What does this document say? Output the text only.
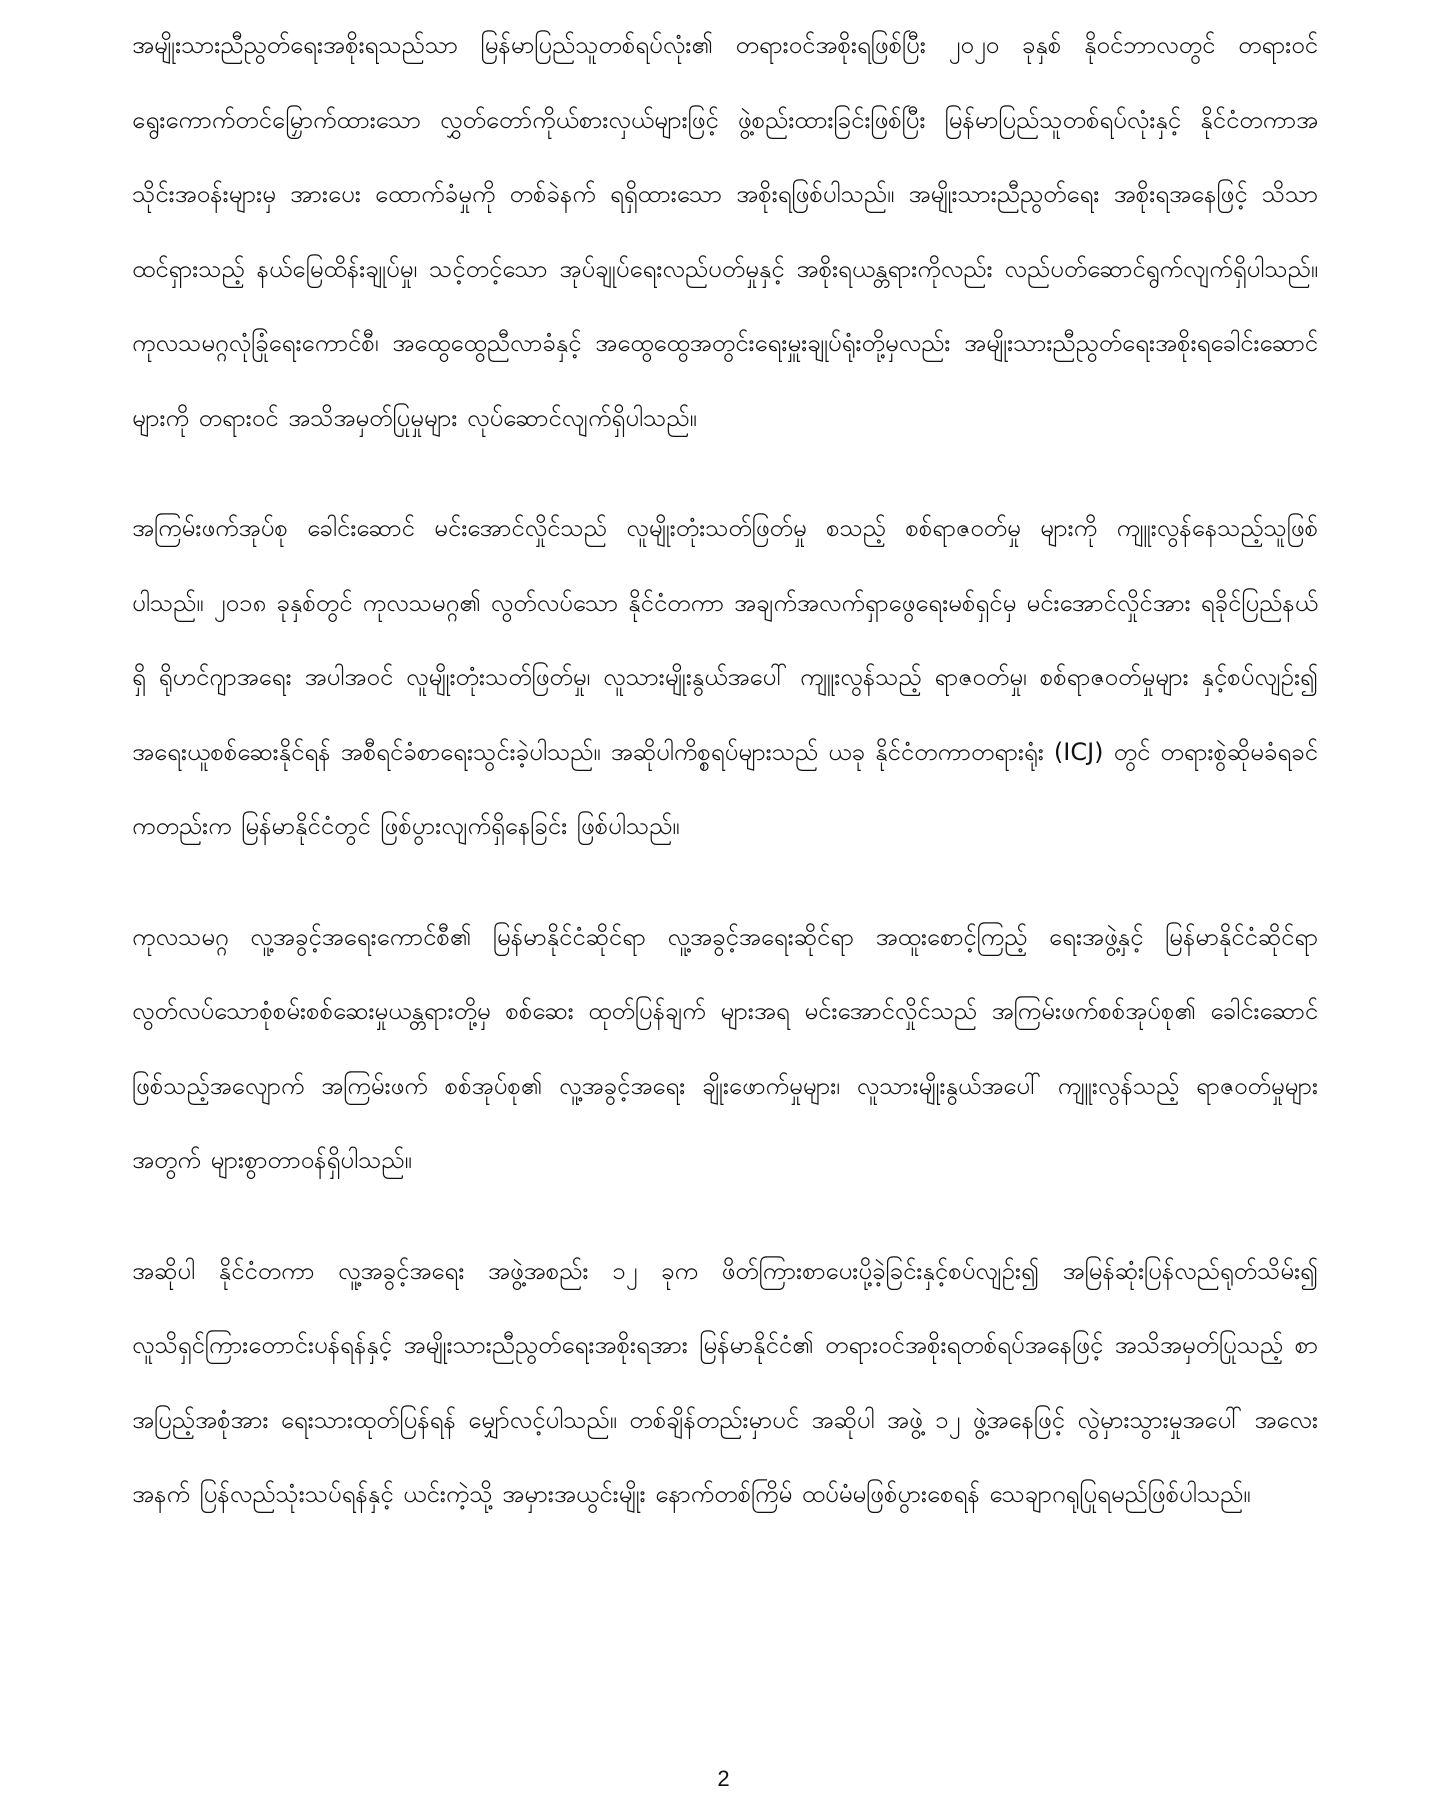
အမျိုးသားညီညွတ်ရေးအစိုးရသည်သာ မြန်မာပြည်သူတစ်ရပ်လုံး၏ တရားဝင်အစိုးရဖြစ်ပြီး ၂၀၂၀ ခုနှစ် နိုဝင်ဘာလတွင် တရားဝင်ရွေးကောက်တင်မြှောက်ထားသော လွှတ်တော်ကိုယ်စားလှယ်များဖြင့် ဖွဲ့စည်းထားခြင်းဖြစ်ပြီး မြန်မာပြည်သူတစ်ရပ်လုံးနှင့် နိုင်ငံတကာအသိုင်းအဝန်းများမှ အားပေး ထောက်ခံမှုကို တစ်ခဲနက် ရရှိထားသော အစိုးရဖြစ်ပါသည်။ အမျိုးသားညီညွတ်ရေး အစိုးရအနေဖြင့် သိသာထင်ရှားသည့် နယ်မြေထိန်းချုပ်မှု၊ သင့်တင့်သော အုပ်ချုပ်ရေးလည်ပတ်မှုနှင့် အစိုးရယန္တရားကိုလည်း လည်ပတ်ဆောင်ရွက်လျက်ရှိပါသည်။ ကုလသမဂ္ဂလုံခြုံရေးကောင်စီ၊ အထွေထွေညီလာခံနှင့် အထွေထွေအတွင်းရေးမှူးချုပ်ရုံးတို့မှလည်း အမျိုးသားညီညွတ်ရေးအစိုးရခေါင်းဆောင်များကို တရားဝင် အသိအမှတ်ပြုမှုများ လုပ်ဆောင်လျက်ရှိပါသည်။

အကြမ်းဖက်အုပ်စု ခေါင်းဆောင် မင်းအောင်လှိုင်သည် လူမျိုးတုံးသတ်ဖြတ်မှု စသည့် စစ်ရာဇဝတ်မှု များကို ကျူးလွန်နေသည့်သူဖြစ်ပါသည်။ ၂၀၁၈ ခုနှစ်တွင် ကုလသမဂ္ဂ၏ လွတ်လပ်သော နိုင်ငံတကာ အချက်အလက်ရှာဖွေရေးမစ်ရှင်မှ မင်းအောင်လှိုင်အား ရခိုင်ပြည်နယ်ရှိ ရိုဟင်ဂျာအရေး အပါအဝင် လူမျိုးတုံးသတ်ဖြတ်မှု၊ လူသားမျိုးနွယ်အပေါ် ကျူးလွန်သည့် ရာဇဝတ်မှု၊ စစ်ရာဇဝတ်မှုများ နှင့်စပ်လျဉ်း၍ အရေးယူစစ်ဆေးနိုင်ရန် အစီရင်ခံစာရေးသွင်းခဲ့ပါသည်။ အဆိုပါကိစ္စရပ်များသည် ယခု နိုင်ငံတကာတရားရုံး (ICJ) တွင် တရားစွဲဆိုမခံရခင်ကတည်းက မြန်မာနိုင်ငံတွင် ဖြစ်ပွားလျက်ရှိနေခြင်း ဖြစ်ပါသည်။

ကုလသမဂ္ဂ လူ့အခွင့်အရေးကောင်စီ၏ မြန်မာနိုင်ငံဆိုင်ရာ လူ့အခွင့်အရေးဆိုင်ရာ အထူးစောင့်ကြည့် ရေးအဖွဲ့နှင့် မြန်မာနိုင်ငံဆိုင်ရာ လွတ်လပ်သောစုံစမ်းစစ်ဆေးမှုယန္တရားတို့မှ စစ်ဆေး ထုတ်ပြန်ချက် များအရ မင်းအောင်လှိုင်သည် အကြမ်းဖက်စစ်အုပ်စု၏ ခေါင်းဆောင်ဖြစ်သည့်အလျောက် အကြမ်းဖက် စစ်အုပ်စု၏ လူ့အခွင့်အရေး ချိုးဖောက်မှုများ၊ လူသားမျိုးနွယ်အပေါ် ကျူးလွန်သည့် ရာဇဝတ်မှုများ အတွက် များစွာတာဝန်ရှိပါသည်။

အဆိုပါ နိုင်ငံတကာ လူ့အခွင့်အရေး အဖွဲ့အစည်း ၁၂ ခုက ဖိတ်ကြားစာပေးပို့ခဲ့ခြင်းနှင့်စပ်လျဉ်း၍ အမြန်ဆုံးပြန်လည်ရုတ်သိမ်း၍ လူသိရှင်ကြားတောင်းပန်ရန်နှင့် အမျိုးသားညီညွတ်ရေးအစိုးရအား မြန်မာနိုင်ငံ၏ တရားဝင်အစိုးရတစ်ရပ်အနေဖြင့် အသိအမှတ်ပြုသည့် စာအပြည့်အစုံအား ရေးသားထုတ်ပြန်ရန် မျှော်လင့်ပါသည်။ တစ်ချိန်တည်းမှာပင် အဆိုပါ အဖွဲ့ ၁၂ ဖွဲ့အနေဖြင့် လွဲမှားသွားမှုအပေါ် အလေးအနက် ပြန်လည်သုံးသပ်ရန်နှင့် ယင်းကဲ့သို့ အမှားအယွင်းမျိုး နောက်တစ်ကြိမ် ထပ်မံမဖြစ်ပွားစေရန် သေချာဂရုပြုရမည်ဖြစ်ပါသည်။

2
